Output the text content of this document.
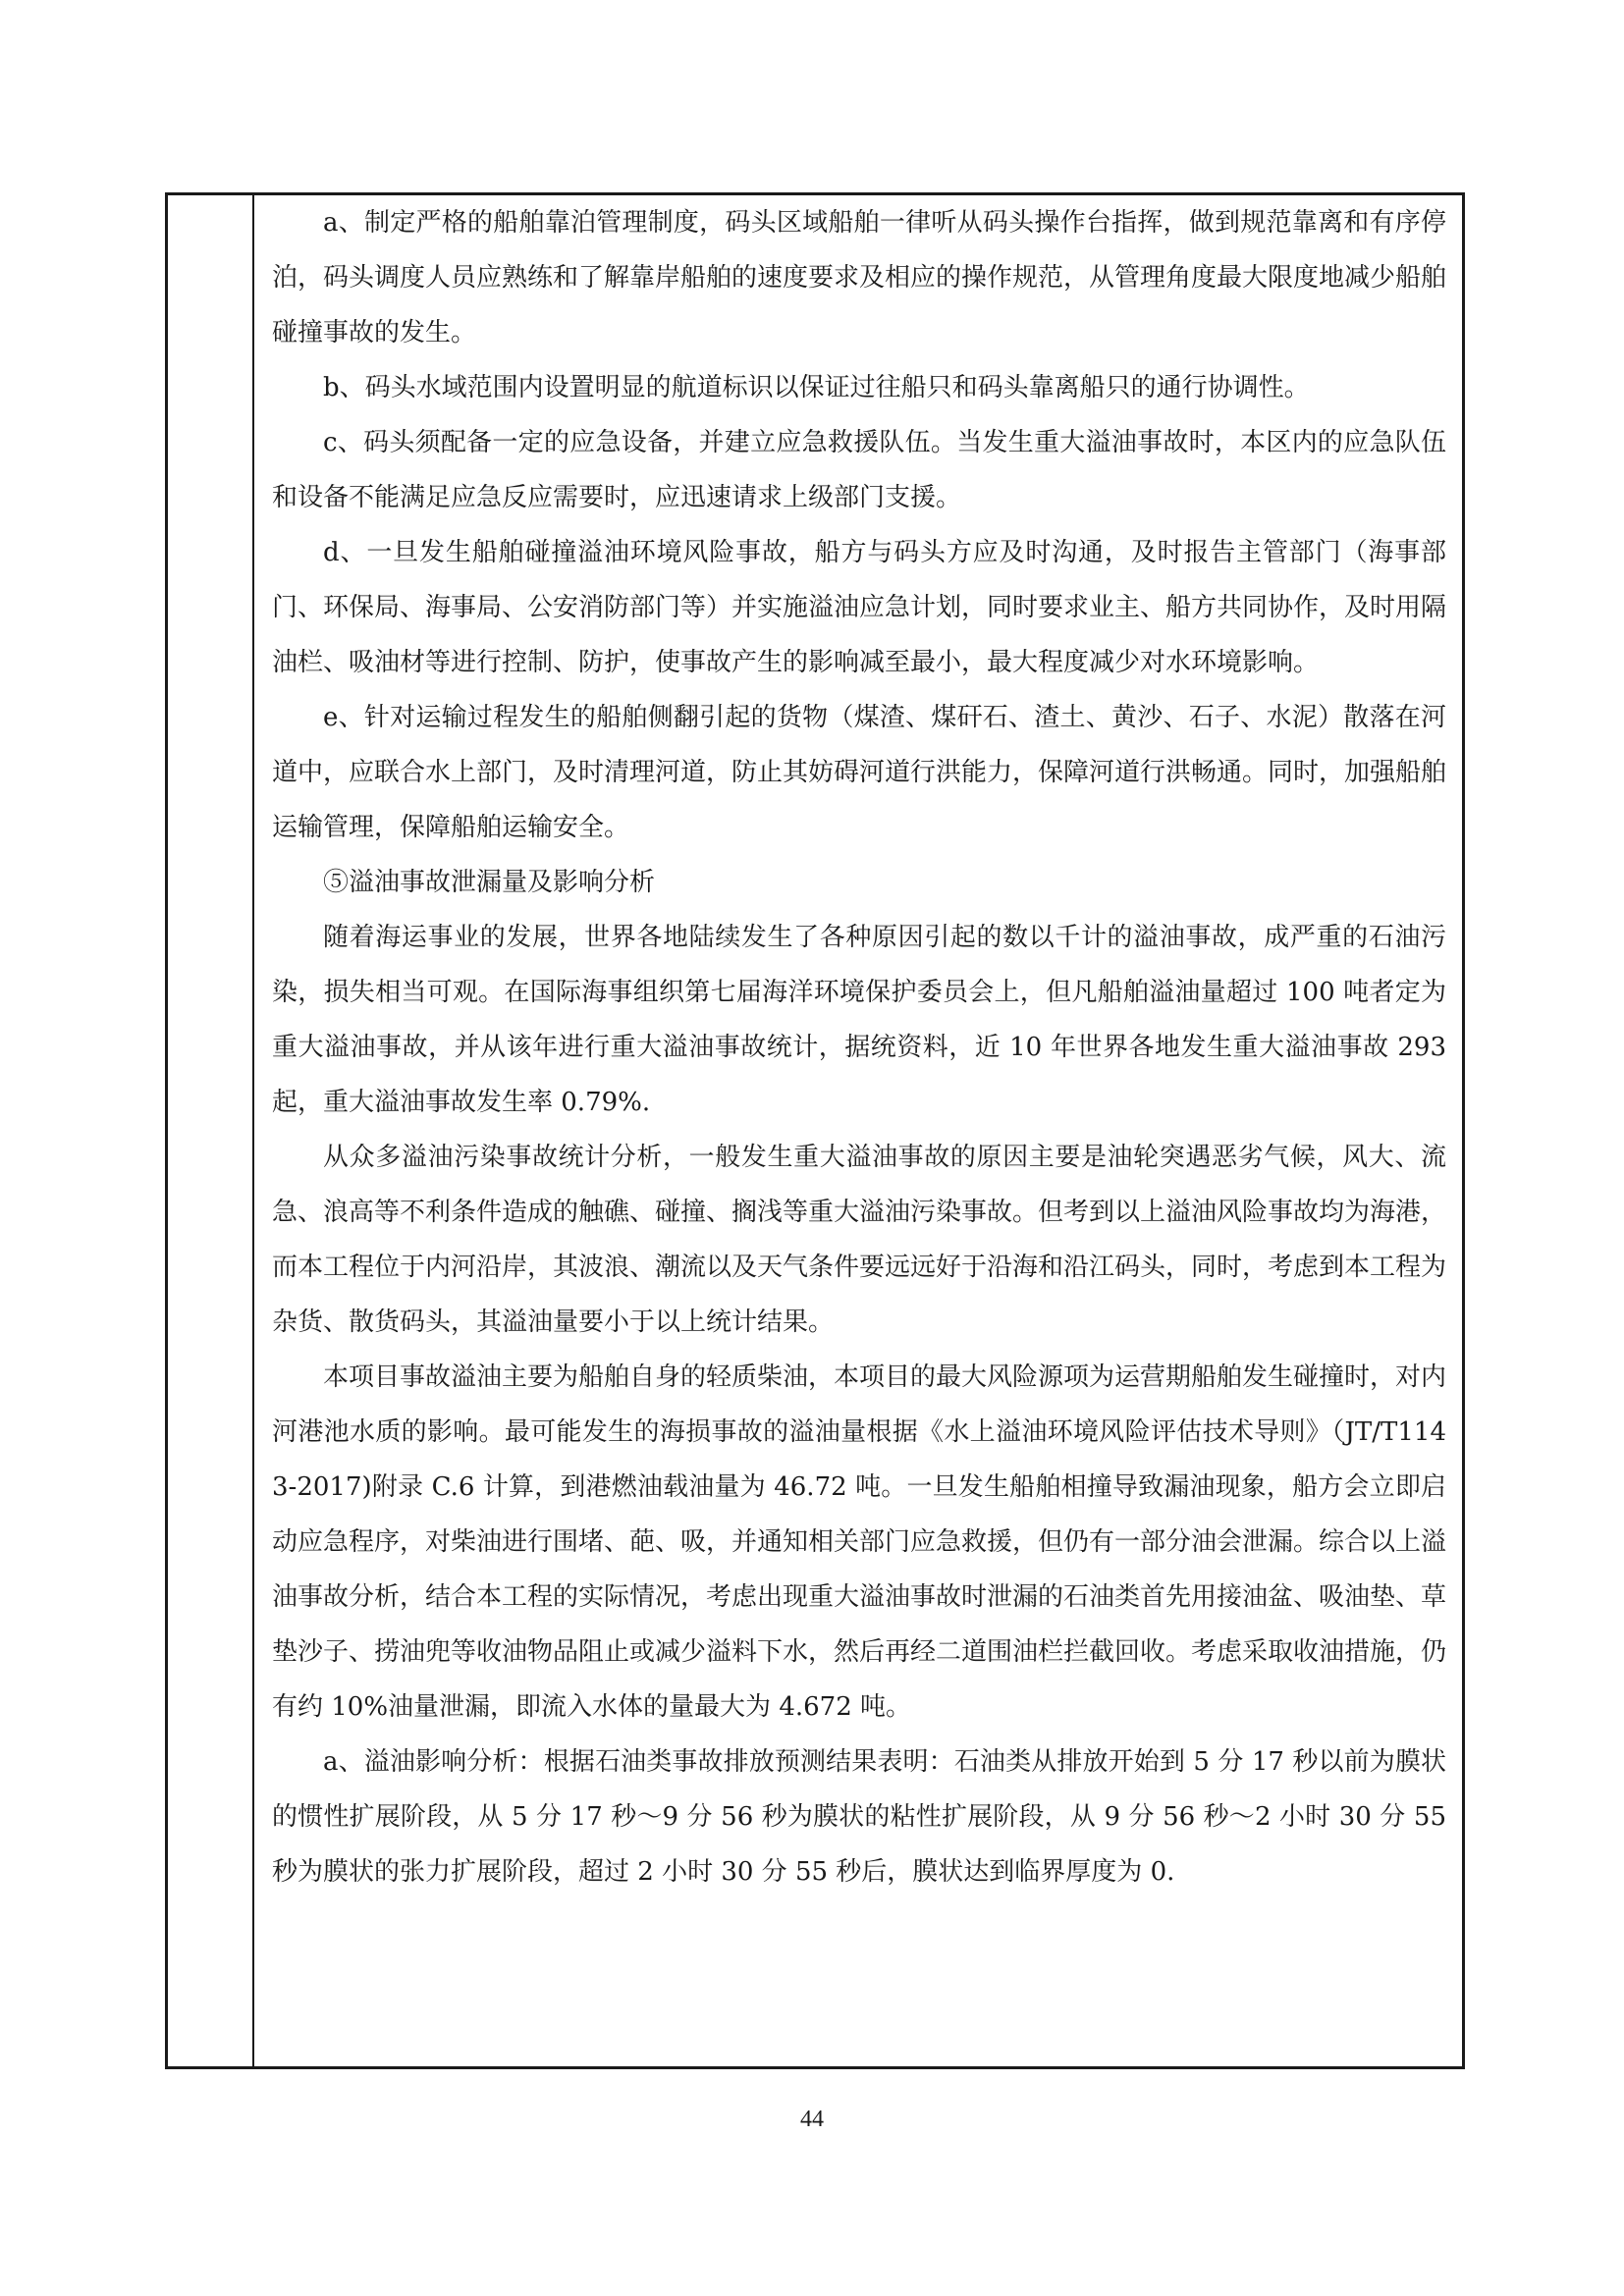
a、制定严格的船舶靠泊管理制度，码头区域船舶一律听从码头操作台指挥，做到规范靠离和有序停泊，码头调度人员应熟练和了解靠岸船舶的速度要求及相应的操作规范，从管理角度最大限度地减少船舶碰撞事故的发生。

b、码头水域范围内设置明显的航道标识以保证过往船只和码头靠离船只的通行协调性。

c、码头须配备一定的应急设备，并建立应急救援队伍。当发生重大溢油事故时，本区内的应急队伍和设备不能满足应急反应需要时，应迅速请求上级部门支援。

d、一旦发生船舶碰撞溢油环境风险事故，船方与码头方应及时沟通，及时报告主管部门（海事部门、环保局、海事局、公安消防部门等）并实施溢油应急计划，同时要求业主、船方共同协作，及时用隔油栏、吸油材等进行控制、防护，使事故产生的影响减至最小，最大程度减少对水环境影响。

e、针对运输过程发生的船舶侧翻引起的货物（煤渣、煤矸石、渣土、黄沙、石子、水泥）散落在河道中，应联合水上部门，及时清理河道，防止其妨碍河道行洪能力，保障河道行洪畅通。同时，加强船舶运输管理，保障船舶运输安全。

⑤溢油事故泄漏量及影响分析

随着海运事业的发展，世界各地陆续发生了各种原因引起的数以千计的溢油事故，成严重的石油污染，损失相当可观。在国际海事组织第七届海洋环境保护委员会上，但凡船舶溢油量超过 100 吨者定为重大溢油事故，并从该年进行重大溢油事故统计，据统资料，近 10 年世界各地发生重大溢油事故 293 起，重大溢油事故发生率 0.79%.

从众多溢油污染事故统计分析，一般发生重大溢油事故的原因主要是油轮突遇恶劣气候，风大、流急、浪高等不利条件造成的触礁、碰撞、搁浅等重大溢油污染事故。但考到以上溢油风险事故均为海港，而本工程位于内河沿岸，其波浪、潮流以及天气条件要远远好于沿海和沿江码头，同时，考虑到本工程为杂货、散货码头，其溢油量要小于以上统计结果。

本项目事故溢油主要为船舶自身的轻质柴油，本项目的最大风险源项为运营期船舶发生碰撞时，对内河港池水质的影响。最可能发生的海损事故的溢油量根据《水上溢油环境风险评估技术导则》（JT/T1143-2017)附录 C.6 计算，到港燃油载油量为 46.72 吨。一旦发生船舶相撞导致漏油现象，船方会立即启动应急程序，对柴油进行围堵、葩、吸，并通知相关部门应急救援，但仍有一部分油会泄漏。综合以上溢油事故分析，结合本工程的实际情况，考虑出现重大溢油事故时泄漏的石油类首先用接油盆、吸油垫、草垫沙子、捞油兜等收油物品阻止或减少溢料下水，然后再经二道围油栏拦截回收。考虑采取收油措施，仍有约 10%油量泄漏，即流入水体的量最大为 4.672 吨。

a、溢油影响分析：根据石油类事故排放预测结果表明：石油类从排放开始到 5 分 17 秒以前为膜状的惯性扩展阶段，从 5 分 17 秒～9 分 56 秒为膜状的粘性扩展阶段，从 9 分 56 秒～2 小时 30 分 55 秒为膜状的张力扩展阶段，超过 2 小时 30 分 55 秒后，膜状达到临界厚度为 0.

44
